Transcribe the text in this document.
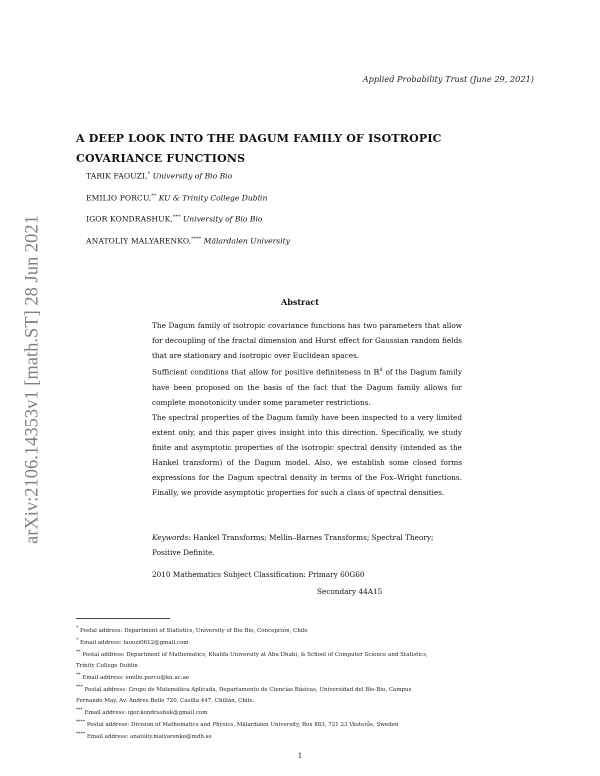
arXiv:2106.14353v1 [math.ST] 28 Jun 2021
Applied Probability Trust (June 29, 2021)
A DEEP LOOK INTO THE DAGUM FAMILY OF ISOTROPIC
COVARIANCE FUNCTIONS
TARIK FAOUZI,* University of Bio Bio
EMILIO PORCU,** KU & Trinity College Dublin
IGOR KONDRASHUK,*** University of Bio Bio
ANATOLIY MALYARENKO,**** Mälardalen University
Abstract

The Dagum family of isotropic covariance functions has two parameters that allow for decoupling of the fractal dimension and Hurst effect for Gaussian random fields that are stationary and isotropic over Euclidean spaces.

Sufficient conditions that allow for positive definiteness in ℝ$^d$ of the Dagum family have been proposed on the basis of the fact that the Dagum family allows for complete monotonicity under some parameter restrictions.

The spectral properties of the Dagum family have been inspected to a very limited extent only, and this paper gives insight into this direction. Specifically, we study finite and asymptotic properties of the isotropic spectral density (intended as the Hankel transform) of the Dagum model. Also, we establish some closed forms expressions for the Dagum spectral density in terms of the Fox–Wright functions. Finally, we provide asymptotic properties for such a class of spectral densities.

Keywords: Hankel Transforms; Mellin–Barnes Transforms; Spectral Theory; Positive Definite.
2010 Mathematics Subject Classification: Primary 60G60
Secondary 44A15
* Postal address: Department of Statistics, University of Bio Bio, Concepción, Chile
* Email address: faouzi0612@gmail.com
** Postal address: Department of Mathematics, Khalifa University at Abu Dhabi, & School of Computer Science and Statistics,
Trinity College Dublin
** Email address: emilio.porcu@ku.ac.ae
*** Postal address: Grupo de Matemática Aplicada, Departamento de Ciencias Básicas, Universidad del Bío-Bío, Campus
Fernando May, Av. Andres Bello 720, Casilla 447, Chillán, Chile.
*** Email address: igor.kondrashuk@gmail.com
**** Postal address: Division of Mathematics and Physics, Mälardalen University, Box 883, 721 23 Västerås, Sweden
**** Email address: anatoliy.malyarenko@mdh.se
1
